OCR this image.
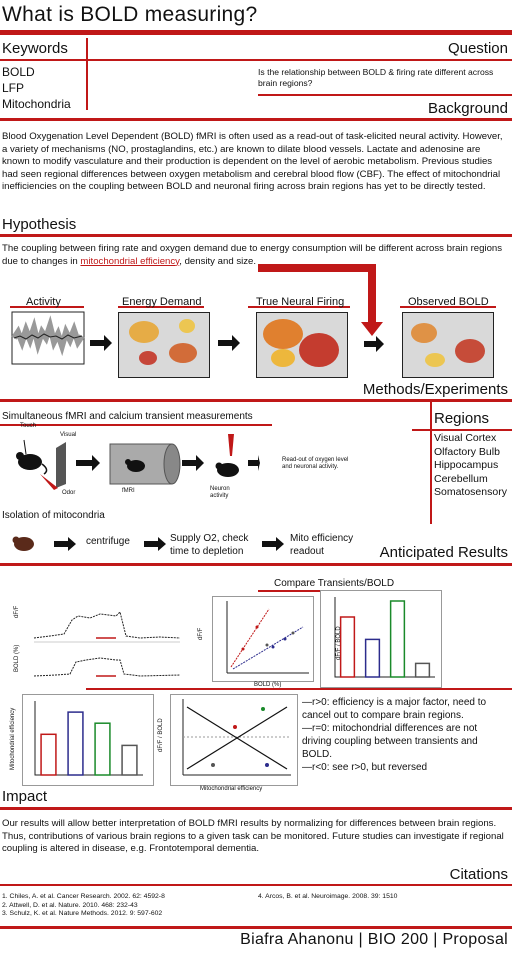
What is BOLD measuring?
Keywords
BOLD
LFP
Mitochondria
Question
Is the relationship between BOLD & firing rate different across brain regions?
Background
Blood Oxygenation Level Dependent (BOLD) fMRI is often used as a read-out of task-elicited neural activity. However, a variety of mechanisms (NO, prostaglandins, etc.) are known to dilate blood vessels. Lactate and adenosine are known to modify vasculature and their production is dependent on the level of aerobic metabolism. Previous studies had seen regional differences between oxygen metabolism and cerebral blood flow (CBF). The effect of mitochondrial inefficiencies on the coupling between BOLD and neuronal firing across brain regions has yet to be directly tested.
Hypothesis
The coupling between firing rate and oxygen demand due to energy consumption will be different across brain regions due to changes in mitochondrial efficiency, density and size.
Activity	Energy Demand	True Neural Firing	Observed BOLD
Methods/Experiments
Simultaneous fMRI and calcium transient measurements	Regions
Visual Cortex
Olfactory Bulb
Hippocampus
Cerebellum
Somatosensory
Touch
Visual
Odor	fMRI	Neuron
activity
Read-out of oxygen level and neuronal activity.
Isolation of mitocondria
centrifuge	Supply O2, check time to depletion
Mito efficiency readout	Anticipated Results
Compare Transients/BOLD
dF/F
BOLD (%)
dF/F
BOLD (%)
dF/F / BOLD
Mitochondrial efficiency	dF/F / BOLD
Mitochondrial efficiency
—r>0: efficiency is a major factor, need to cancel out to compare brain regions.
—r=0: mitochondrial differences are not driving coupling between transients and BOLD.
—r<0: see r>0, but reversed
Impact
Our results will allow better interpretation of BOLD fMRI results by normalizing for differences between brain regions. Thus, contributions of various brain regions to a given task can be monitored. Future studies can investigate if regional coupling is altered in disease, e.g. Frontotemporal dementia.
Citations
1. Chiles, A. et al. Cancer Research. 2002. 62: 4592-8
2. Attwell, D. et al. Nature. 2010. 468: 232-43
3. Schulz, K. et al. Nature Methods. 2012. 9: 597-602
4. Arcos, B. et al. Neuroimage. 2008. 39: 1510
Biafra Ahanonu | BIO 200 | Proposal
